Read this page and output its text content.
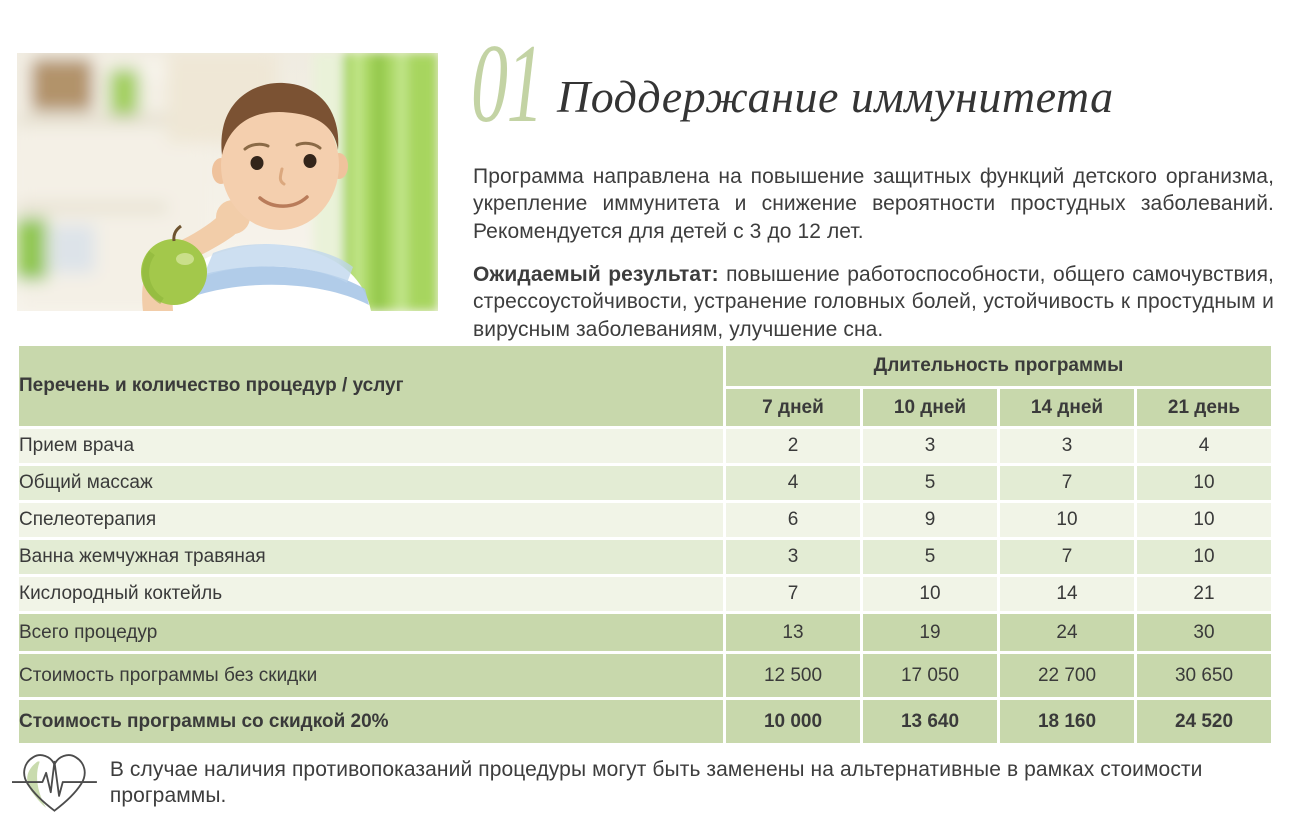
01 Поддержание иммунитета

Программа направлена на повышение защитных функций детского организма, укрепление иммунитета и снижение вероятности простудных заболеваний. Рекомендуется для детей с 3 до 12 лет.

Ожидаемый результат: повышение работоспособности, общего самочувствия, стрессоустойчивости, устранение головных болей, устойчивость к простудным и вирусным заболеваниям, улучшение сна.

Перечень и количество процедур / услуг	Длительность программы			
	7 дней	10 дней	14 дней	21 день
Прием врача	2	3	3	4
Общий массаж	4	5	7	10
Спелеотерапия	6	9	10	10
Ванна жемчужная травяная	3	5	7	10
Кислородный коктейль	7	10	14	21
Всего процедур	13	19	24	30
Стоимость программы без скидки	12 500	17 050	22 700	30 650
Стоимость программы со скидкой 20%	10 000	13 640	18 160	24 520
В случае наличия противопоказаний процедуры могут быть заменены на альтернативные в рамках стоимости программы.
